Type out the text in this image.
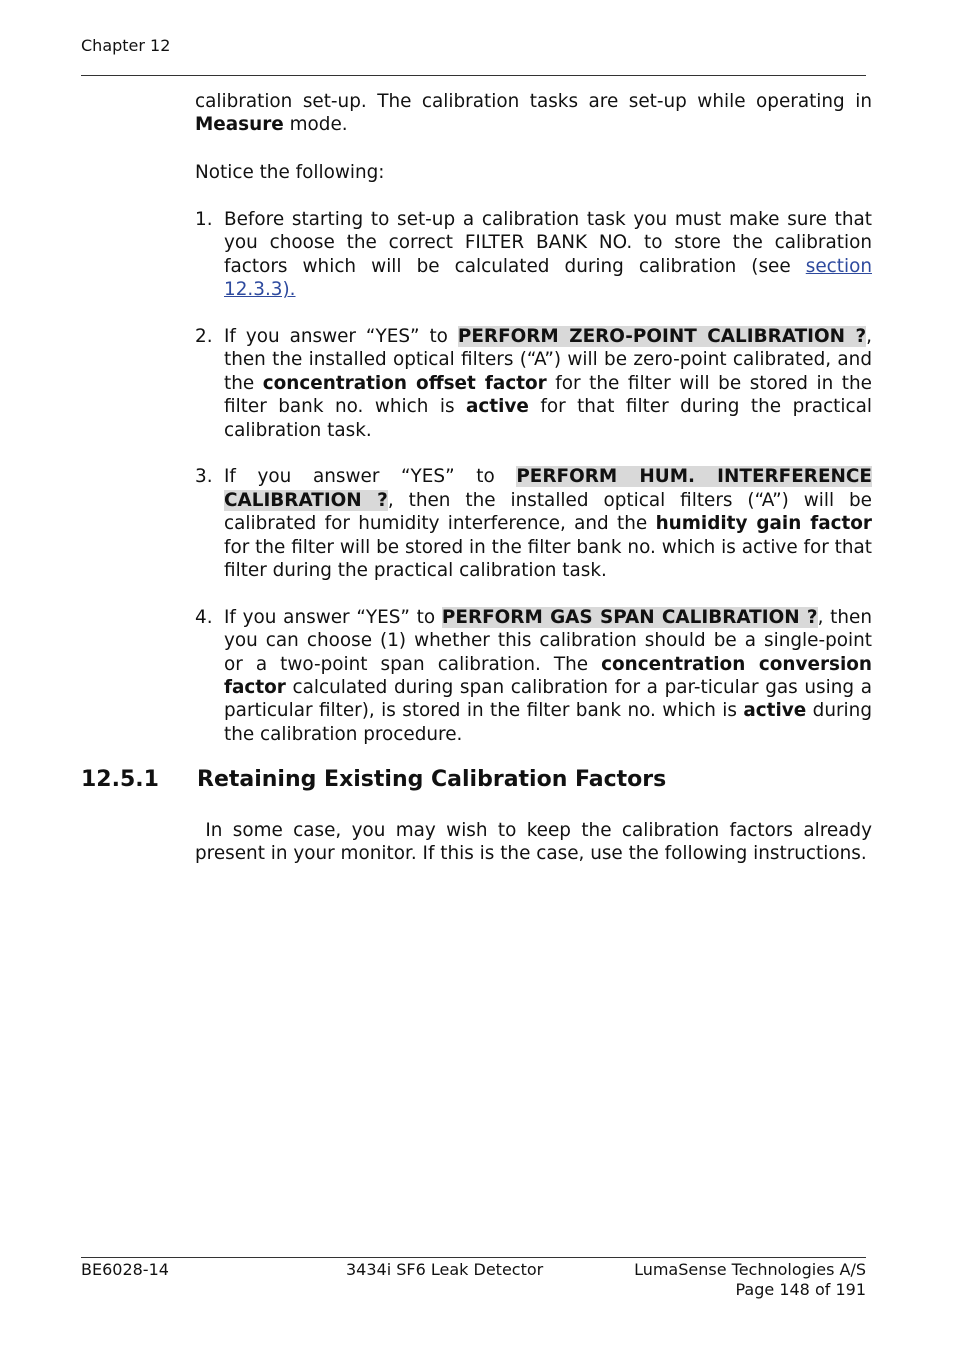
Chapter 12

calibration set-up. The calibration tasks are set-up while operating in Measure mode.

Notice the following:

1. Before starting to set-up a calibration task you must make sure that you choose the correct FILTER BANK NO. to store the calibration factors which will be calculated during calibration (see section 12.3.3).
2. If you answer “YES” to PERFORM ZERO-POINT CALIBRATION ?, then the installed optical filters (“A”) will be zero-point calibrated, and the concentration offset factor for the filter will be stored in the filter bank no. which is active for that filter during the practical calibration task.
3. If you answer “YES” to PERFORM HUM. INTERFERENCE CALIBRATION ?, then the installed optical filters (“A”) will be calibrated for humidity interference, and the humidity gain factor for the filter will be stored in the filter bank no. which is active for that filter during the practical calibration task.
4. If you answer “YES” to PERFORM GAS SPAN CALIBRATION ?, then you can choose (1) whether this calibration should be a single-point or a two-point span calibration. The concentration conversion factor calculated during span calibration for a par-ticular gas using a particular filter), is stored in the filter bank no. which is active during the calibration procedure.
12.5.1 Retaining Existing Calibration Factors

In some case, you may wish to keep the calibration factors already present in your monitor. If this is the case, use the following instructions.

BE6028-14	3434i SF6 Leak Detector	LumaSense Technologies A/S
Page 148 of 191
